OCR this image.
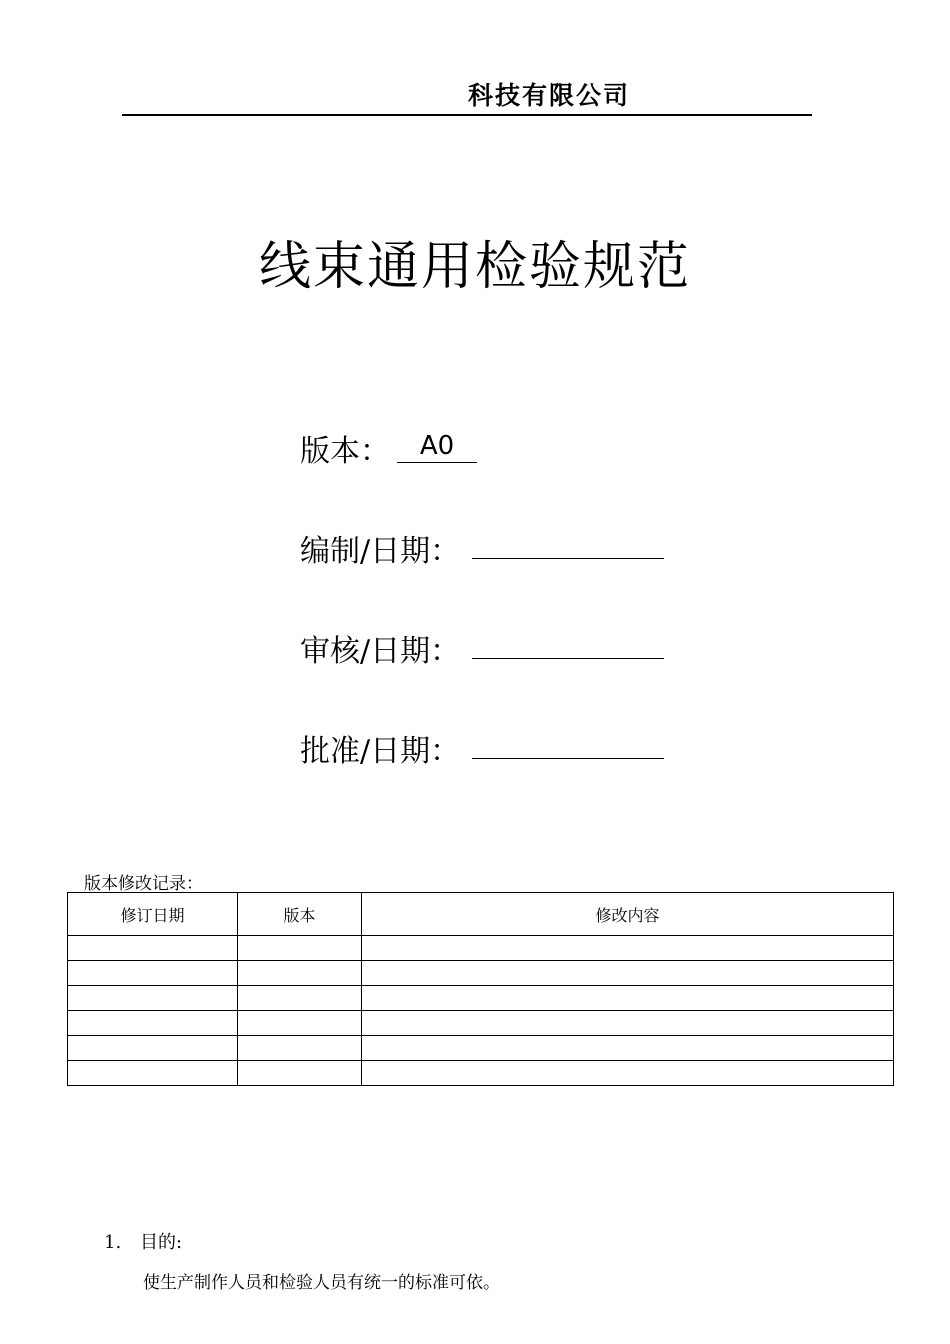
科技有限公司
线束通用检验规范
版本：	A0
编制/日期：
审核/日期：
批准/日期：
版本修改记录：
修订日期	版本	修改内容

1. 目的:
使生产制作人员和检验人员有统一的标准可依。
